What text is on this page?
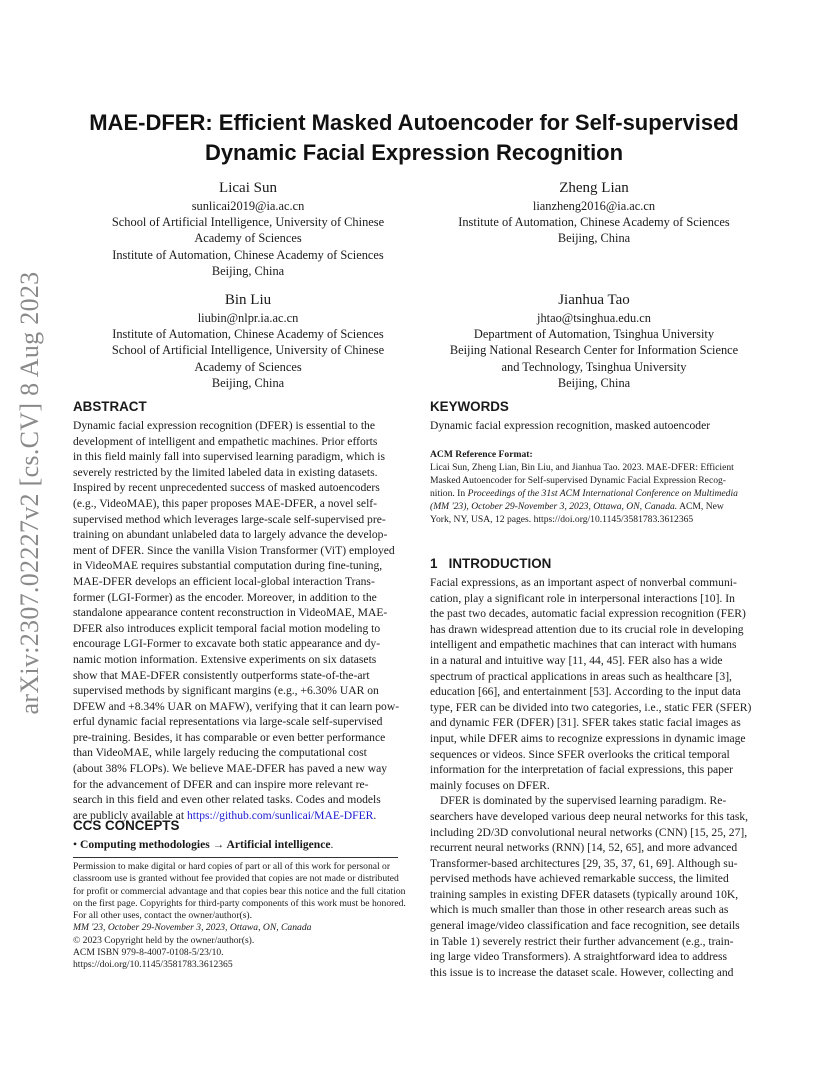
arXiv:2307.02227v2 [cs.CV] 8 Aug 2023
MAE-DFER: Efficient Masked Autoencoder for Self-supervised
Dynamic Facial Expression Recognition
Licai Sun
sunlicai2019@ia.ac.cn
School of Artificial Intelligence, University of Chinese
Academy of Sciences
Institute of Automation, Chinese Academy of Sciences
Beijing, China
Zheng Lian
lianzheng2016@ia.ac.cn
Institute of Automation, Chinese Academy of Sciences
Beijing, China
Bin Liu
liubin@nlpr.ia.ac.cn
Institute of Automation, Chinese Academy of Sciences
School of Artificial Intelligence, University of Chinese
Academy of Sciences
Beijing, China
Jianhua Tao
jhtao@tsinghua.edu.cn
Department of Automation, Tsinghua University
Beijing National Research Center for Information Science
and Technology, Tsinghua University
Beijing, China
ABSTRACT
Dynamic facial expression recognition (DFER) is essential to the
development of intelligent and empathetic machines. Prior efforts
in this field mainly fall into supervised learning paradigm, which is
severely restricted by the limited labeled data in existing datasets.
Inspired by recent unprecedented success of masked autoencoders
(e.g., VideoMAE), this paper proposes MAE-DFER, a novel self-
supervised method which leverages large-scale self-supervised pre-
training on abundant unlabeled data to largely advance the develop-
ment of DFER. Since the vanilla Vision Transformer (ViT) employed
in VideoMAE requires substantial computation during fine-tuning,
MAE-DFER develops an efficient local-global interaction Trans-
former (LGI-Former) as the encoder. Moreover, in addition to the
standalone appearance content reconstruction in VideoMAE, MAE-
DFER also introduces explicit temporal facial motion modeling to
encourage LGI-Former to excavate both static appearance and dy-
namic motion information. Extensive experiments on six datasets
show that MAE-DFER consistently outperforms state-of-the-art
supervised methods by significant margins (e.g., +6.30% UAR on
DFEW and +8.34% UAR on MAFW), verifying that it can learn pow-
erful dynamic facial representations via large-scale self-supervised
pre-training. Besides, it has comparable or even better performance
than VideoMAE, while largely reducing the computational cost
(about 38% FLOPs). We believe MAE-DFER has paved a new way
for the advancement of DFER and can inspire more relevant re-
search in this field and even other related tasks. Codes and models
are publicly available at https://github.com/sunlicai/MAE-DFER.
CCS CONCEPTS
• Computing methodologies → Artificial intelligence.
Permission to make digital or hard copies of part or all of this work for personal or
classroom use is granted without fee provided that copies are not made or distributed
for profit or commercial advantage and that copies bear this notice and the full citation
on the first page. Copyrights for third-party components of this work must be honored.
For all other uses, contact the owner/author(s).
MM '23, October 29-November 3, 2023, Ottawa, ON, Canada
© 2023 Copyright held by the owner/author(s).
ACM ISBN 979-8-4007-0108-5/23/10.
https://doi.org/10.1145/3581783.3612365
KEYWORDS
Dynamic facial expression recognition, masked autoencoder
ACM Reference Format:
Licai Sun, Zheng Lian, Bin Liu, and Jianhua Tao. 2023. MAE-DFER: Efficient
Masked Autoencoder for Self-supervised Dynamic Facial Expression Recog-
nition. In Proceedings of the 31st ACM International Conference on Multimedia
(MM '23), October 29-November 3, 2023, Ottawa, ON, Canada. ACM, New
York, NY, USA, 12 pages. https://doi.org/10.1145/3581783.3612365
1 INTRODUCTION
Facial expressions, as an important aspect of nonverbal communi-
cation, play a significant role in interpersonal interactions [10]. In
the past two decades, automatic facial expression recognition (FER)
has drawn widespread attention due to its crucial role in developing
intelligent and empathetic machines that can interact with humans
in a natural and intuitive way [11, 44, 45]. FER also has a wide
spectrum of practical applications in areas such as healthcare [3],
education [66], and entertainment [53]. According to the input data
type, FER can be divided into two categories, i.e., static FER (SFER)
and dynamic FER (DFER) [31]. SFER takes static facial images as
input, while DFER aims to recognize expressions in dynamic image
sequences or videos. Since SFER overlooks the critical temporal
information for the interpretation of facial expressions, this paper
mainly focuses on DFER.
DFER is dominated by the supervised learning paradigm. Re-
searchers have developed various deep neural networks for this task,
including 2D/3D convolutional neural networks (CNN) [15, 25, 27],
recurrent neural networks (RNN) [14, 52, 65], and more advanced
Transformer-based architectures [29, 35, 37, 61, 69]. Although su-
pervised methods have achieved remarkable success, the limited
training samples in existing DFER datasets (typically around 10K,
which is much smaller than those in other research areas such as
general image/video classification and face recognition, see details
in Table 1) severely restrict their further advancement (e.g., train-
ing large video Transformers). A straightforward idea to address
this issue is to increase the dataset scale. However, collecting and
